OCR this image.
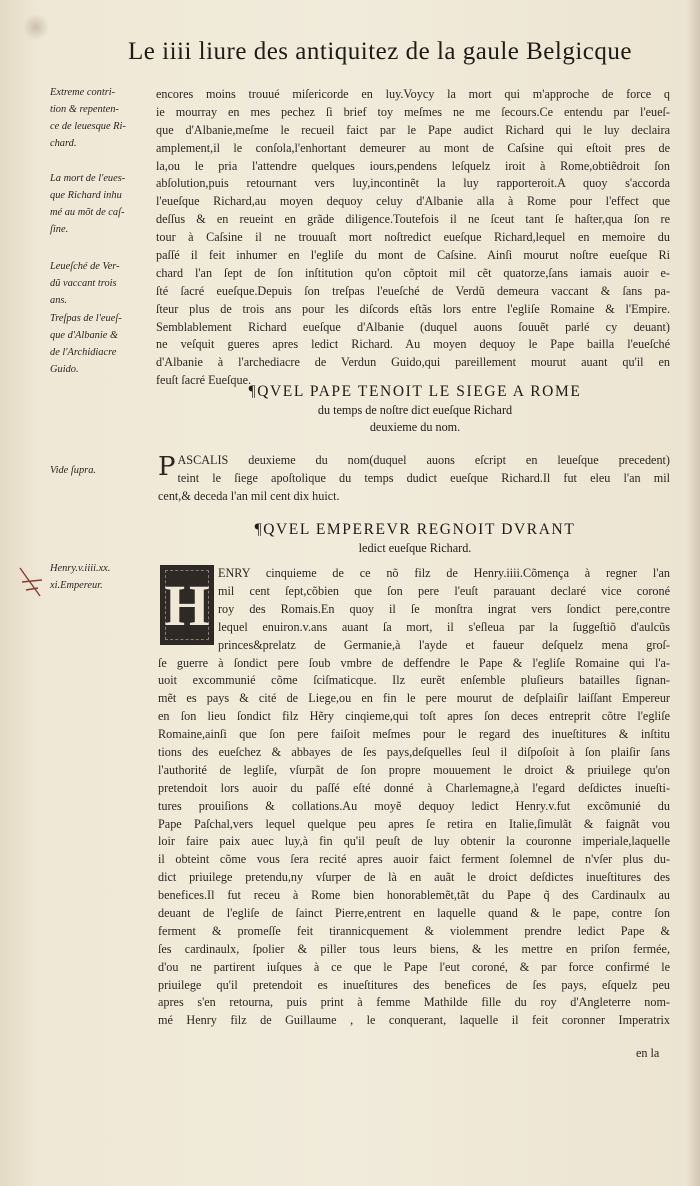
Le iiii liure des antiquitez de la gaule Belgicque
Extreme contri-
tion & repenten-
ce de leuesque Ri-
chard.
La mort de l'eues-
que Richard inhu
mé au mõt de caſ-
ſine.
Leueſché de Ver-
dũ vaccant trois
ans.
Treſpas de l'eueſ-
que d'Albanie &
de l'Archidiacre
Guido.
Vide ſupra.
Henry.v.iiii.xx.
xi.Empereur.
encores moins trouué miſericorde en luy.Voycy la mort qui m'approche de force q
ie mourray en mes pechez ſi brief toy meſmes ne me ſecours.Ce entendu par l'eueſ-
que d'Albanie,meſme le recueil faict par le Pape audict Richard qui le luy declaira
amplement,il le conſola,l'enhortant demeurer au mont de Caſsine qui eſtoit pres de
la,ou le pria l'attendre quelques iours,pendens leſquelz iroit à Rome,obtiẽdroit ſon
abſolution,puis retournant vers luy,incontinẽt la luy rapporteroit.A quoy s'accorda
l'eueſque Richard,au moyen dequoy celuy d'Albanie alla à Rome pour l'effect que
deſſus & en reueint en grãde diligence.Toutefois il ne ſceut tant ſe haſter,qua ſon re
tour à Caſsine il ne trouuaſt mort noſtredict eueſque Richard,lequel en memoire du
paſſé il feit inhumer en l'egliſe du mont de Caſsine. Ainſi mourut noſtre eueſque Ri
chard l'an ſept de ſon inſtitution qu'on cõptoit mil cẽt quatorze,ſans iamais auoir e-
ſté ſacré eueſque.Depuis ſon treſpas l'eueſché de Verdũ demeura vaccant & ſans pa-
ſteur plus de trois ans pour les diſcords eſtãs lors entre l'egliſe Romaine & l'Empire.
Semblablement Richard eueſque d'Albanie (duquel auons ſouuẽt parlé cy deuant)
ne veſquit gueres apres ledict Richard. Au moyen dequoy le Pape bailla l'eueſché
d'Albanie à l'archediacre de Verdun Guido,qui pareillement mourut auant qu'il en
feuſt ſacré Eueſque.
¶QVEL PAPE TENOIT LE SIEGE A ROME
du temps de noſtre dict eueſque Richard
deuxieme du nom.
P ASCALIS deuxieme du nom(duquel auons eſcript en leueſque precedent)
teint le ſiege apoſtolique du temps dudict eueſque Richard.Il fut eleu l'an mil
cent,& deceda l'an mil cent dix huict.
¶QVEL EMPEREVR REGNOIT DVRANT
ledict eueſque Richard.
H ENRY cinquieme de ce nõ filz de Henry.iiii.Cõmença à regner l'an
mil cent ſept,cõbien que ſon pere l'euſt parauant declaré vice coroné
roy des Romais.En quoy il ſe monſtra ingrat vers ſondict pere,contre
lequel enuiron.v.ans auant ſa mort, il s'eſleua par la ſuggeſtiõ d'aulcũs
princes&prelatz de Germanie,à l'ayde et faueur deſquelz mena groſ-
ſe guerre à ſondict pere ſoub vmbre de deffendre le Pape & l'egliſe Romaine qui l'a-
uoit excommunié cõme ſciſmaticque. Ilz eurẽt enſemble pluſieurs batailles ſignan-
mẽt es pays & cité de Liege,ou en fin le pere mourut de deſplaiſir laiſſant Empereur
en ſon lieu ſondict filz Hẽry cinqieme,qui toſt apres ſon deces entreprit cõtre l'egliſe
Romaine,ainſi que ſon pere faiſoit meſmes pour le regard des inueſtitures & inſtitu
tions des eueſchez & abbayes de ſes pays,deſquelles ſeul il diſpoſoit à ſon plaiſir ſans
l'authorité de legliſe, vſurpãt de ſon propre mouuement le droict & priuilege qu'on
pretendoit lors auoir du paſſé eſté donné à Charlemagne,à l'egard deſdictes inueſti-
tures prouiſions & collations.Au moyẽ dequoy ledict Henry.v.fut excõmunié du
Pape Paſchal,vers lequel quelque peu apres ſe retira en Italie,ſimulãt & faignãt vou
loir faire paix auec luy,à fin qu'il peuſt de luy obtenir la couronne imperiale,laquelle
il obteint cõme vous ſera recité apres auoir faict ferment ſolemnel de n'vſer plus du-
dict priuilege pretendu,ny vſurper de là en auãt le droict deſdictes inueſtitures des
benefices.Il fut receu à Rome bien honorablemẽt,tãt du Pape q̃ des Cardinaulx au
deuant de l'egliſe de ſainct Pierre,entrent en laquelle quand & le pape, contre ſon
ferment & promeſſe feit tirannicquement & violemment prendre ledict Pape &
ſes cardinaulx, ſpolier & piller tous leurs biens, & les mettre en priſon fermée,
d'ou ne partirent iuſques à ce que le Pape l'eut coroné, & par force confirmé le
priuilege qu'il pretendoit es inueſtitures des benefices de ſes pays, eſquelz peu
apres s'en retourna, puis print à femme Mathilde fille du roy d'Angleterre nom-
mé Henry filz de Guillaume , le conquerant, laquelle il feit coronner Imperatrix
en la
